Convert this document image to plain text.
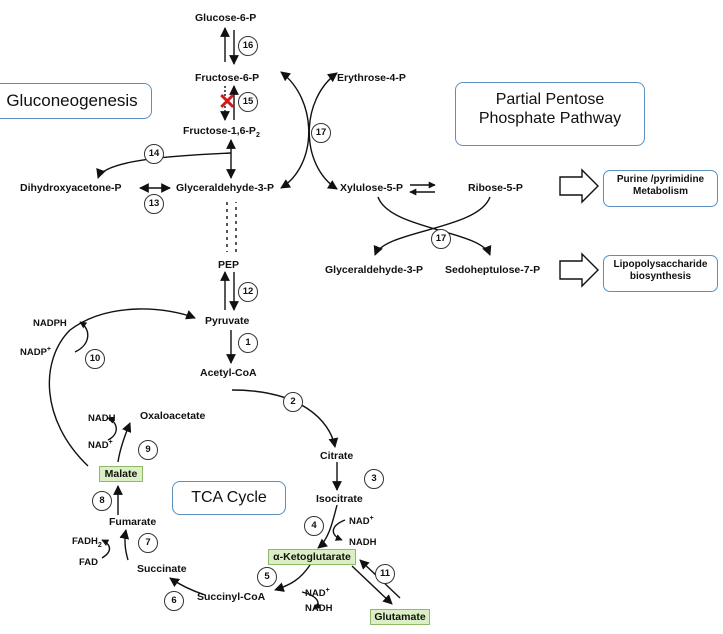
Gluconeogenesis	Partial Pentose
Phosphate Pathway
TCA Cycle
Glucose-6-P
Fructose-6-P
Fructose-$1,6-P_2$
Erythrose-4-P
Dihydroxyacetone-P	Glyceraldehyde-3-P	Xylulose-5-P	Ribose-5-P
Glyceraldehyde-3-P Sedoheptulose-7-P
PEP
Pyruvate
Acetyl-CoA
Oxaloacetate
Citrate
Isocitrate
α-Ketoglutarate
Succinyl-CoA
Succinate
Fumarate
Malate
Glutamate
NADPH
NADP+
NADH
NAD+
NAD+
NADH
NAD+
NADH
$FADH_2$
FAD
1
2
3
4
5
6
7
8
9
10
11
12
13
14
15
16
17
17
✕
Purine /pyrimidine
Metabolism
Lipopolysaccharide
biosynthesis
